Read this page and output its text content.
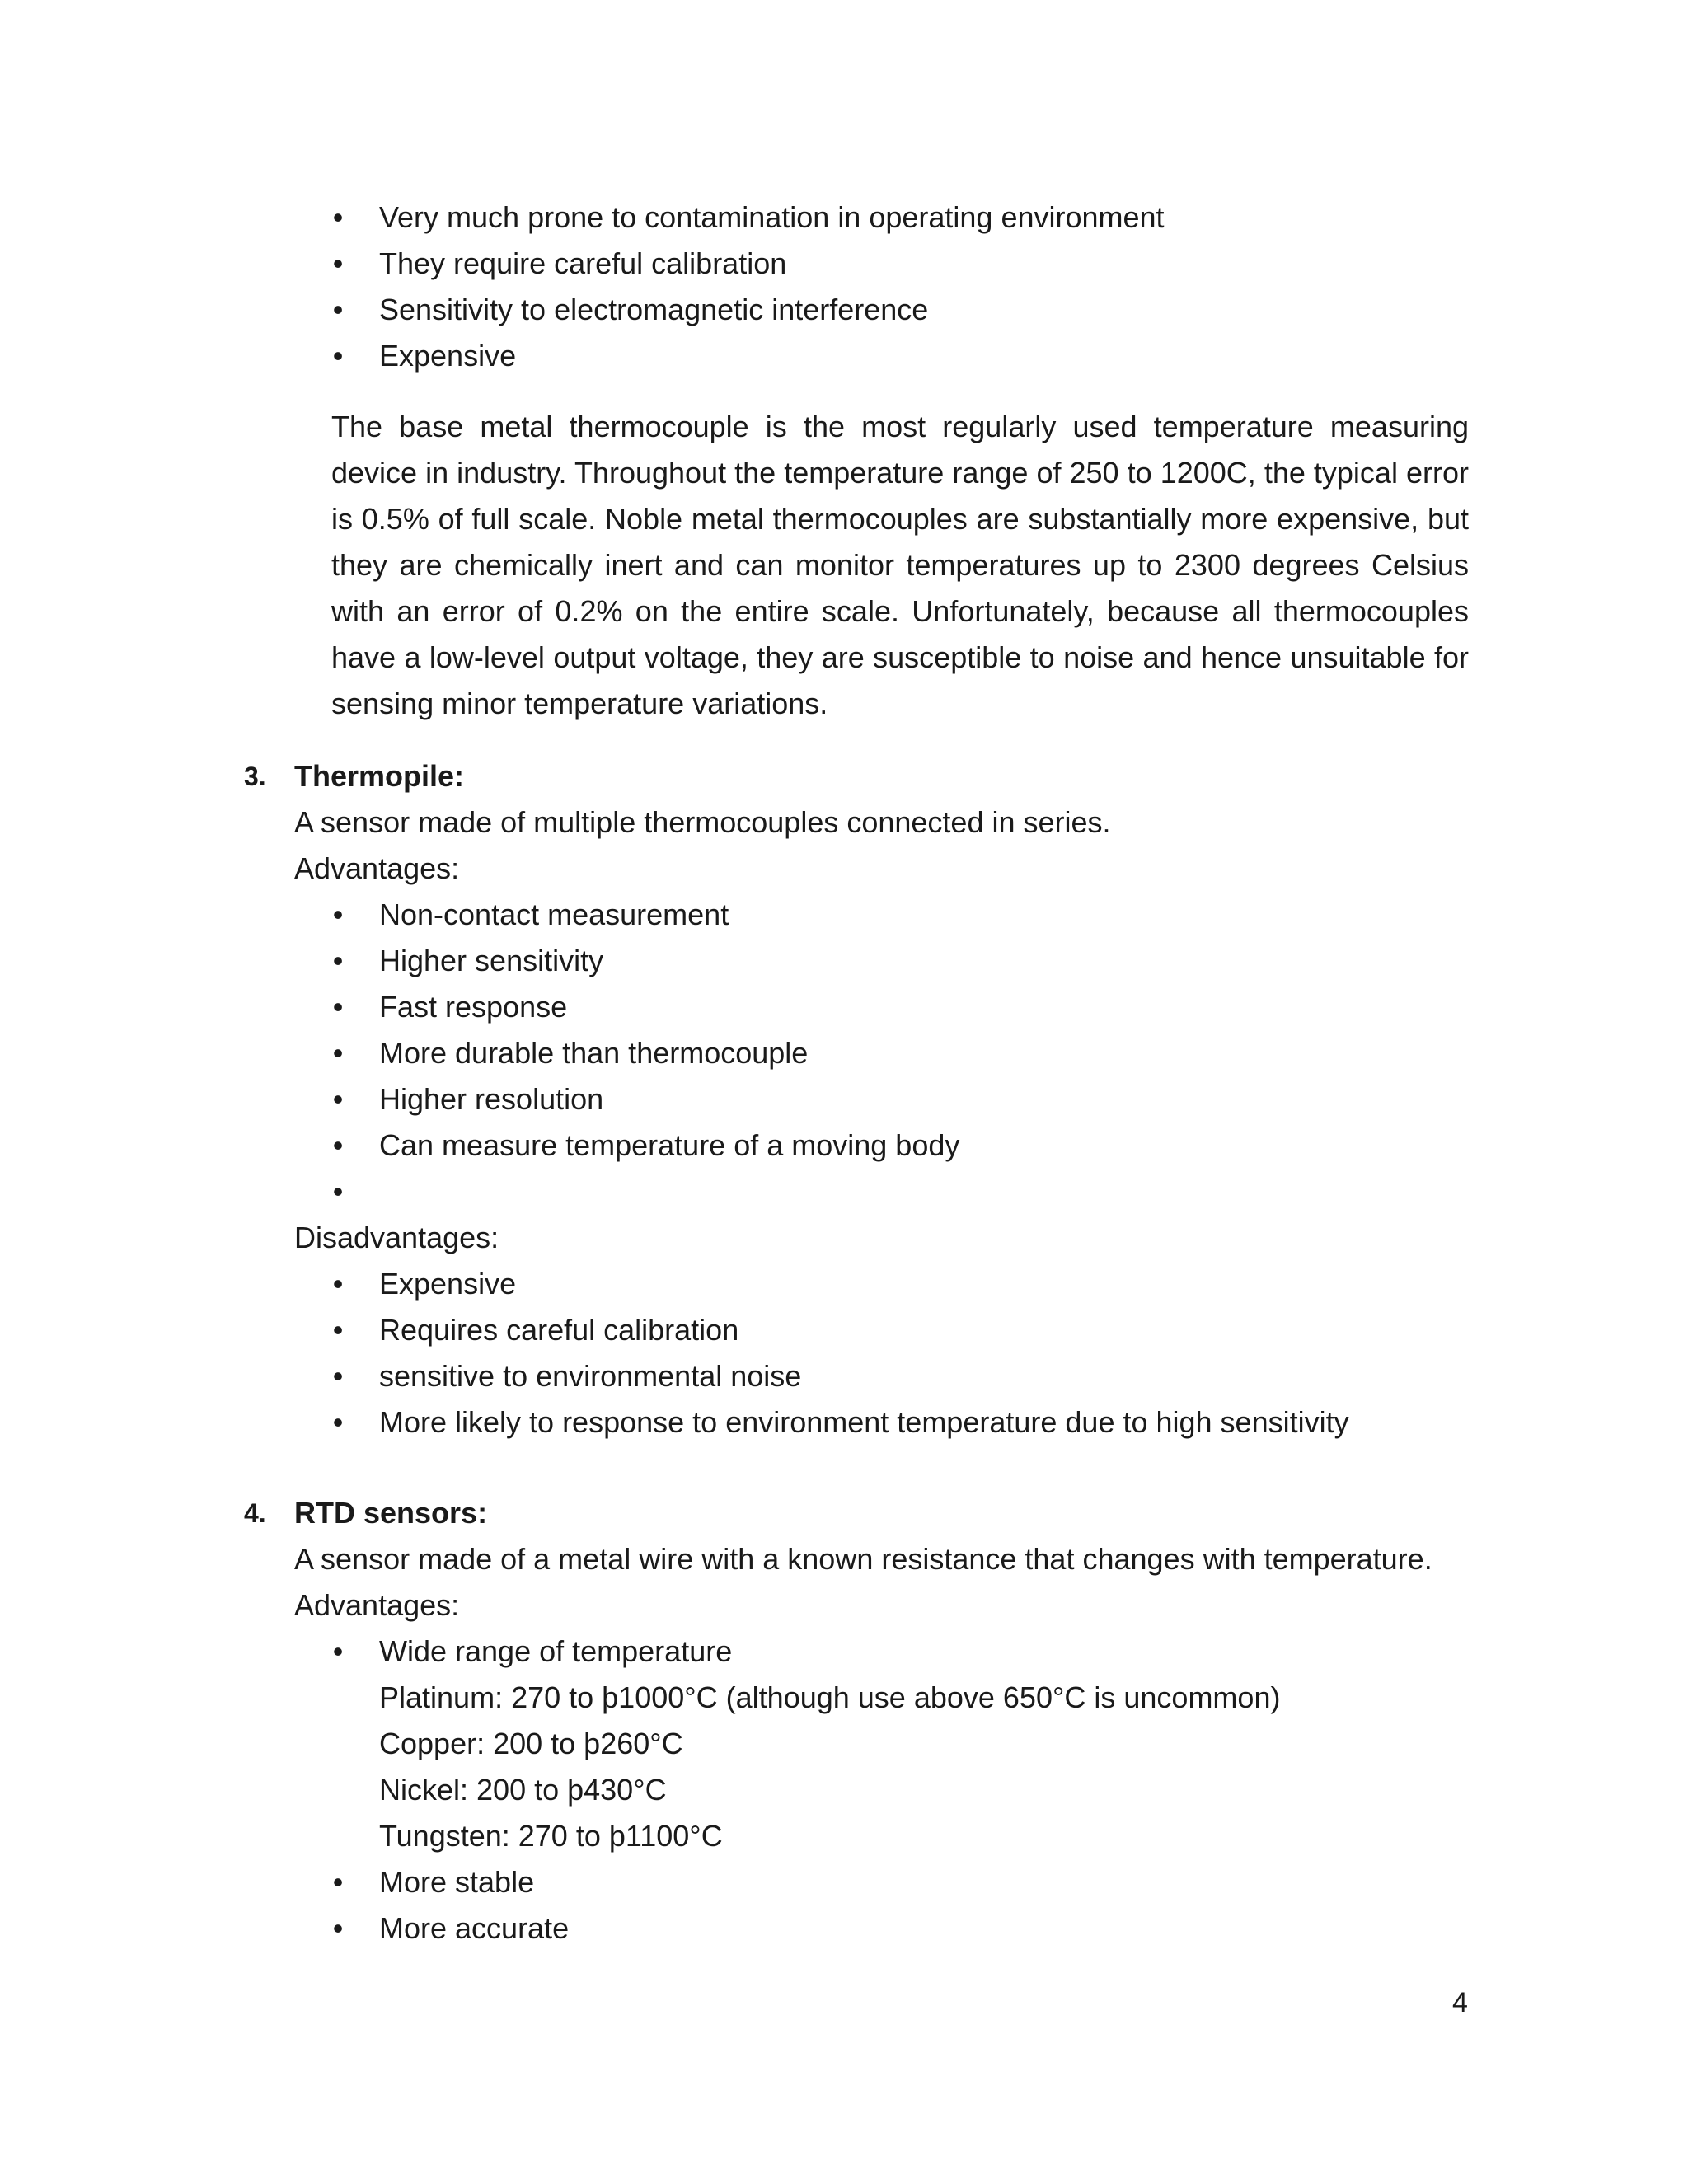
• Very much prone to contamination in operating environment
• They require careful calibration
• Sensitivity to electromagnetic interference
• Expensive
The base metal thermocouple is the most regularly used temperature measuring device in industry. Throughout the temperature range of 250 to 1200C, the typical error is 0.5% of full scale. Noble metal thermocouples are substantially more expensive, but they are chemically inert and can monitor temperatures up to 2300 degrees Celsius with an error of 0.2% on the entire scale. Unfortunately, because all thermocouples have a low-level output voltage, they are susceptible to noise and hence unsuitable for sensing minor temperature variations.
3. Thermopile:
A sensor made of multiple thermocouples connected in series.
Advantages:
• Non-contact measurement
• Higher sensitivity
• Fast response
• More durable than thermocouple
• Higher resolution
• Can measure temperature of a moving body
•
Disadvantages:
• Expensive
• Requires careful calibration
• sensitive to environmental noise
• More likely to response to environment temperature due to high sensitivity
4. RTD sensors:
A sensor made of a metal wire with a known resistance that changes with temperature.
Advantages:
• Wide range of temperature
Platinum: 270 to þ1000°C (although use above 650°C is uncommon)
Copper: 200 to þ260°C
Nickel: 200 to þ430°C
Tungsten: 270 to þ1100°C
• More stable
• More accurate
4
